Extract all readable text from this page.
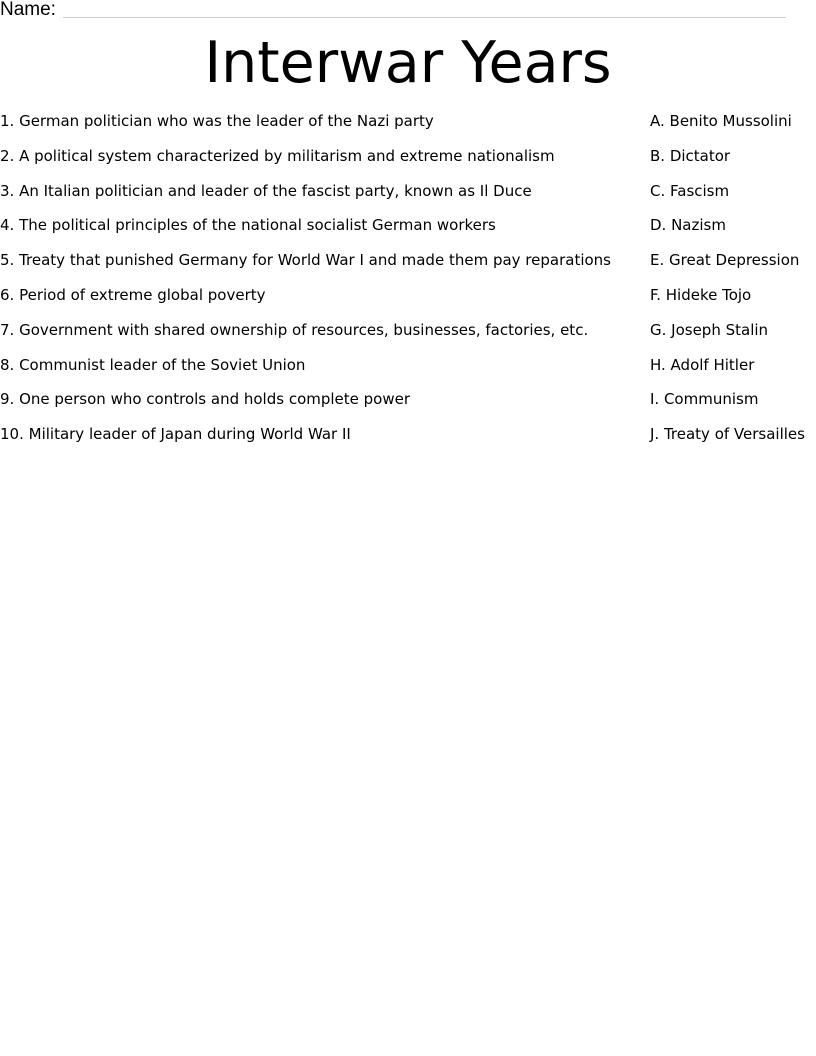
Name:
Interwar Years
1. German politician who was the leader of the Nazi party	A. Benito Mussolini
2. A political system characterized by militarism and extreme nationalism	B. Dictator
3. An Italian politician and leader of the fascist party, known as Il Duce	C. Fascism
4. The political principles of the national socialist German workers	D. Nazism
5. Treaty that punished Germany for World War I and made them pay reparations	E. Great Depression
6. Period of extreme global poverty	F. Hideke Tojo
7. Government with shared ownership of resources, businesses, factories, etc.	G. Joseph Stalin
8. Communist leader of the Soviet Union	H. Adolf Hitler
9. One person who controls and holds complete power	I. Communism
10. Military leader of Japan during World War II	J. Treaty of Versailles
